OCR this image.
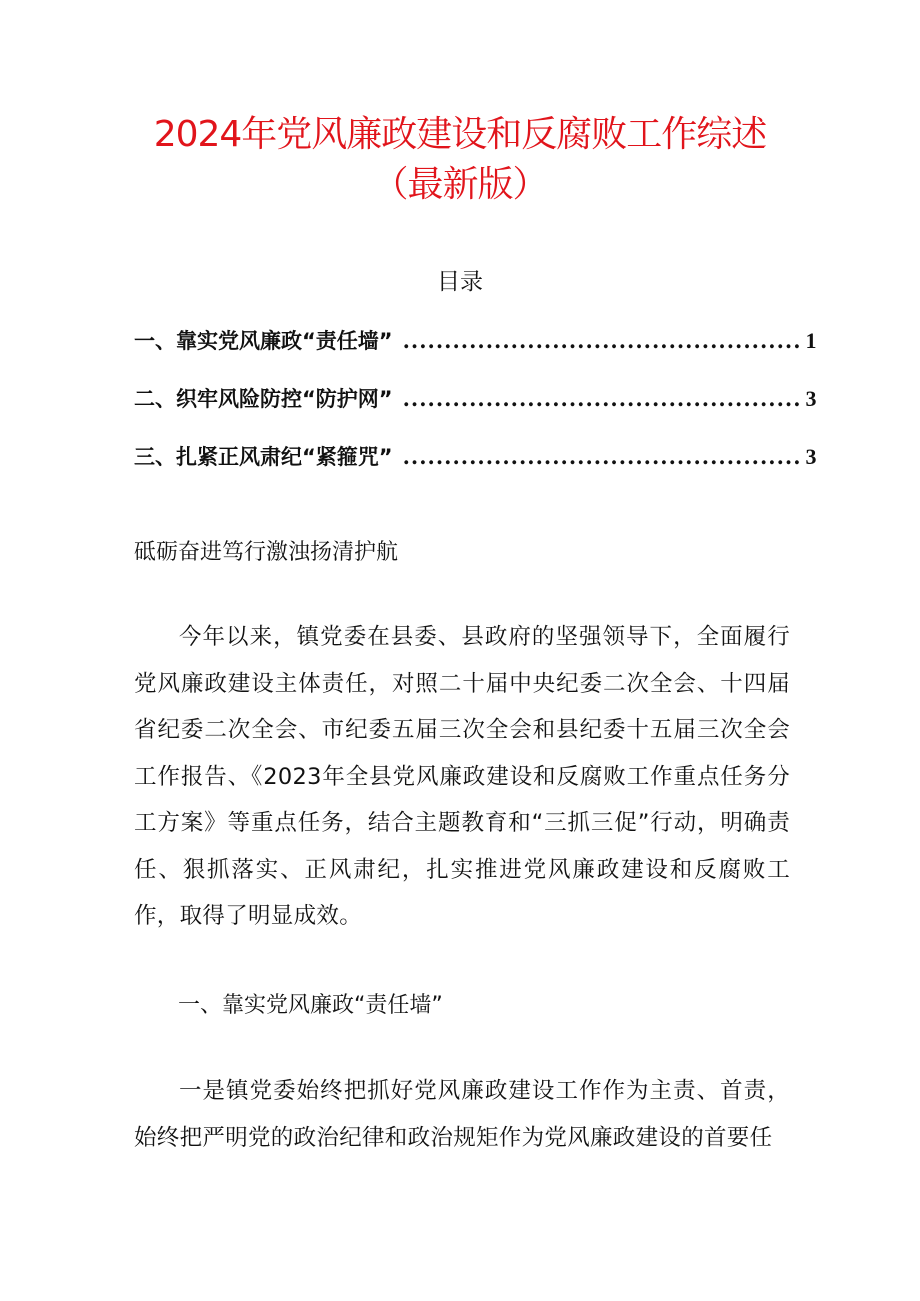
2024年党风廉政建设和反腐败工作综述
（最新版）
目录
一、靠实党风廉政“责任墙” ................................................ 1
二、织牢风险防控“防护网” ................................................ 3
三、扎紧正风肃纪“紧箍咒” ................................................ 3
砥砺奋进笃行激浊扬清护航
今年以来，镇党委在县委、县政府的坚强领导下，全面履行党风廉政建设主体责任，对照二十届中央纪委二次全会、十四届省纪委二次全会、市纪委五届三次全会和县纪委十五届三次全会工作报告、《2023年全县党风廉政建设和反腐败工作重点任务分工方案》等重点任务，结合主题教育和“三抓三促”行动，明确责任、狠抓落实、正风肃纪，扎实推进党风廉政建设和反腐败工作，取得了明显成效。
一、靠实党风廉政“责任墙”
一是镇党委始终把抓好党风廉政建设工作作为主责、首责，始终把严明党的政治纪律和政治规矩作为党风廉政建设的首要任
